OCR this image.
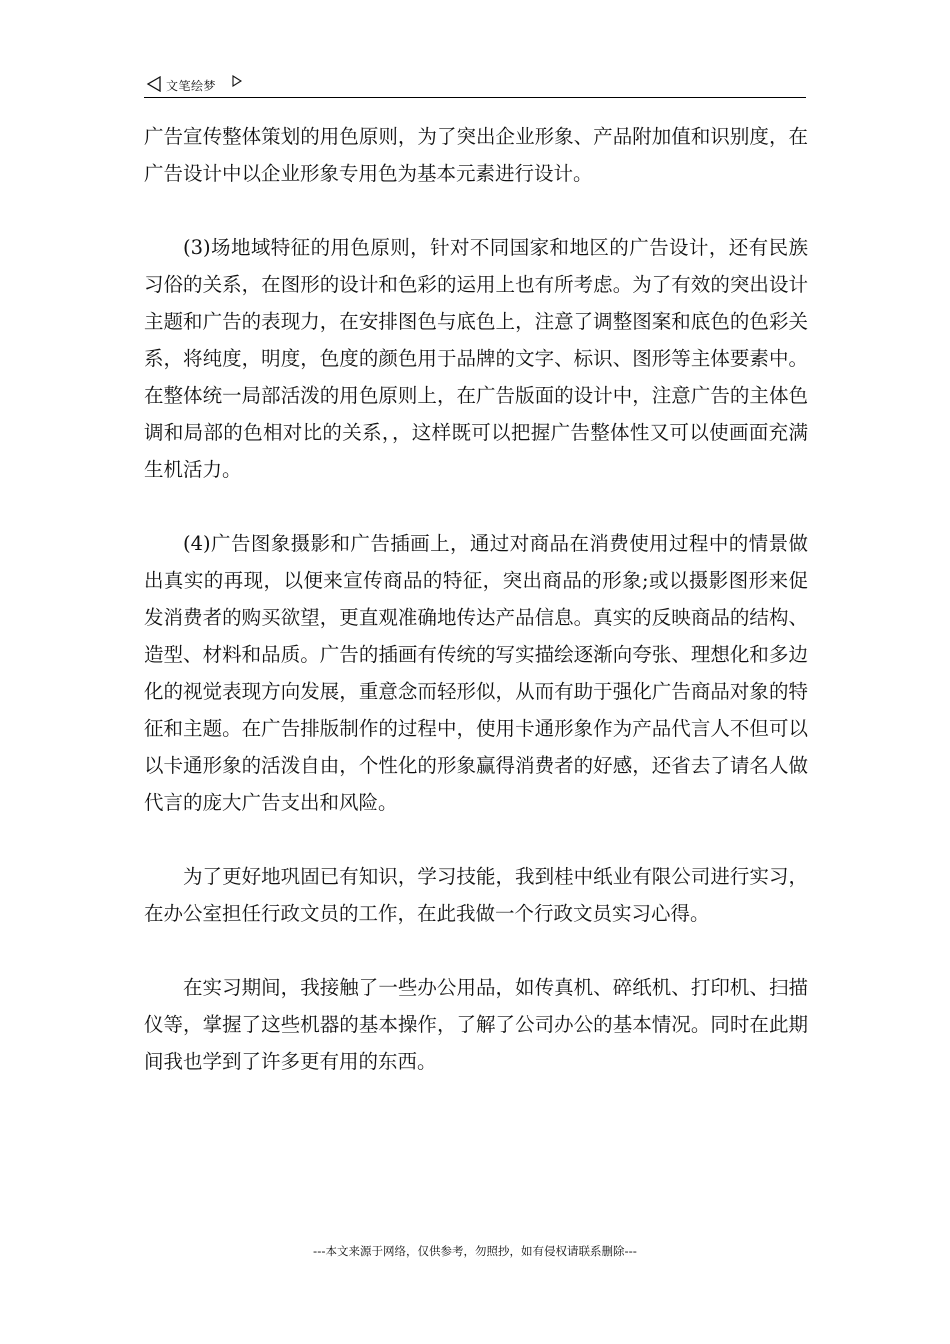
文笔绘梦

广告宣传整体策划的用色原则，为了突出企业形象、产品附加值和识别度，在广告设计中以企业形象专用色为基本元素进行设计。

(3)场地域特征的用色原则，针对不同国家和地区的广告设计，还有民族习俗的关系，在图形的设计和色彩的运用上也有所考虑。为了有效的突出设计主题和广告的表现力，在安排图色与底色上，注意了调整图案和底色的色彩关系，将纯度，明度，色度的颜色用于品牌的文字、标识、图形等主体要素中。在整体统一局部活泼的用色原则上，在广告版面的设计中，注意广告的主体色调和局部的色相对比的关系，，这样既可以把握广告整体性又可以使画面充满生机活力。

(4)广告图象摄影和广告插画上，通过对商品在消费使用过程中的情景做出真实的再现，以便来宣传商品的特征，突出商品的形象;或以摄影图形来促发消费者的购买欲望，更直观准确地传达产品信息。真实的反映商品的结构、造型、材料和品质。广告的插画有传统的写实描绘逐渐向夸张、理想化和多边化的视觉表现方向发展，重意念而轻形似，从而有助于强化广告商品对象的特征和主题。在广告排版制作的过程中，使用卡通形象作为产品代言人不但可以以卡通形象的活泼自由，个性化的形象赢得消费者的好感，还省去了请名人做代言的庞大广告支出和风险。

为了更好地巩固已有知识，学习技能，我到桂中纸业有限公司进行实习，在办公室担任行政文员的工作，在此我做一个行政文员实习心得。

在实习期间，我接触了一些办公用品，如传真机、碎纸机、打印机、扫描仪等，掌握了这些机器的基本操作，了解了公司办公的基本情况。同时在此期间我也学到了许多更有用的东西。

---本文来源于网络，仅供参考，勿照抄，如有侵权请联系删除---
